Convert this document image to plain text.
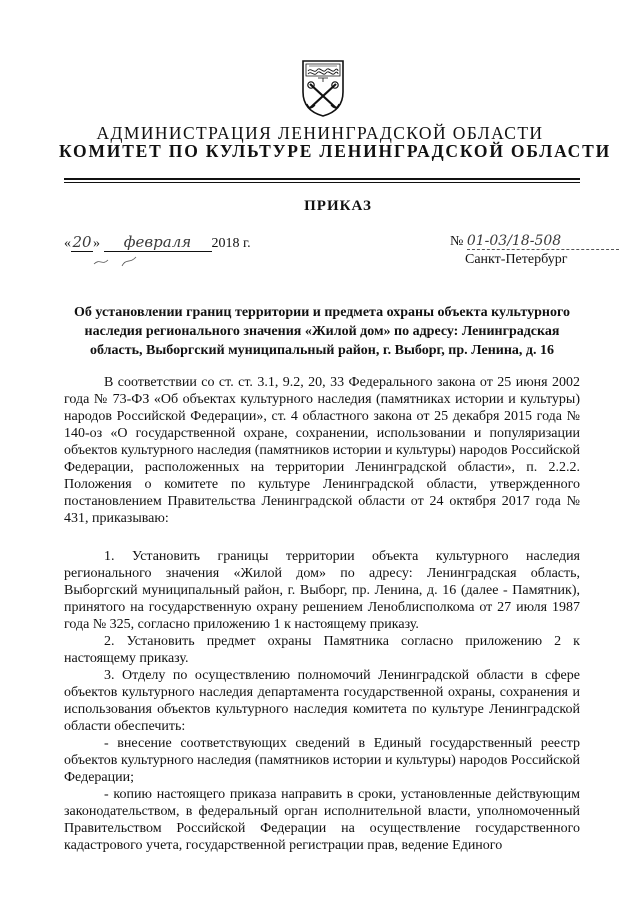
АДМИНИСТРАЦИЯ ЛЕНИНГРАДСКОЙ ОБЛАСТИ
КОМИТЕТ ПО КУЛЬТУРЕ ЛЕНИНГРАДСКОЙ ОБЛАСТИ
ПРИКАЗ
«20» февраля 2018 г.	№ 01-03/18-508
Санкт-Петербург
Об установлении границ территории и предмета охраны объекта культурного наследия регионального значения «Жилой дом» по адресу: Ленинградская область, Выборгский муниципальный район, г. Выборг, пр. Ленина, д. 16
В соответствии со ст. ст. 3.1, 9.2, 20, 33 Федерального закона от 25 июня 2002 года № 73-ФЗ «Об объектах культурного наследия (памятниках истории и культуры) народов Российской Федерации», ст. 4 областного закона от 25 декабря 2015 года № 140-оз «О государственной охране, сохранении, использовании и популяризации объектов культурного наследия (памятников истории и культуры) народов Российской Федерации, расположенных на территории Ленинградской области», п. 2.2.2. Положения о комитете по культуре Ленинградской области, утвержденного постановлением Правительства Ленинградской области от 24 октября 2017 года № 431, приказываю:
1. Установить границы территории объекта культурного наследия регионального значения «Жилой дом» по адресу: Ленинградская область, Выборгский муниципальный район, г. Выборг, пр. Ленина, д. 16 (далее - Памятник), принятого на государственную охрану решением Леноблисполкома от 27 июля 1987 года № 325, согласно приложению 1 к настоящему приказу.
2. Установить предмет охраны Памятника согласно приложению 2 к настоящему приказу.
3. Отделу по осуществлению полномочий Ленинградской области в сфере объектов культурного наследия департамента государственной охраны, сохранения и использования объектов культурного наследия комитета по культуре Ленинградской области обеспечить:
- внесение соответствующих сведений в Единый государственный реестр объектов культурного наследия (памятников истории и культуры) народов Российской Федерации;
- копию настоящего приказа направить в сроки, установленные действующим законодательством, в федеральный орган исполнительной власти, уполномоченный Правительством Российской Федерации на осуществление государственного кадастрового учета, государственной регистрации прав, ведение Единого
